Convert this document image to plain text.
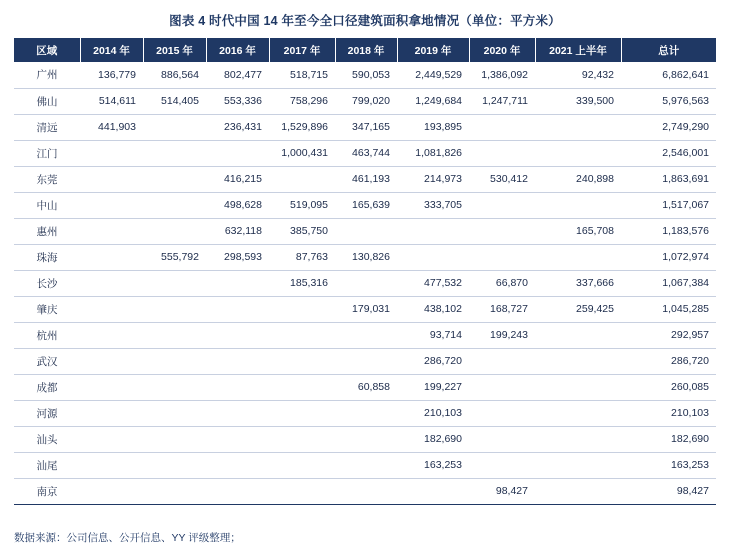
图表 4 时代中国 14 年至今全口径建筑面积拿地情况（单位：平方米）
区域	2014 年	2015 年	2016 年	2017 年	2018 年	2019 年	2020 年	2021 上半年	总计
广州	136,779	886,564	802,477	518,715	590,053	2,449,529	1,386,092	92,432	6,862,641
佛山	514,611	514,405	553,336	758,296	799,020	1,249,684	1,247,711	339,500	5,976,563
清远	441,903		236,431	1,529,896	347,165	193,895			2,749,290
江门				1,000,431	463,744	1,081,826			2,546,001
东莞			416,215		461,193	214,973	530,412	240,898	1,863,691
中山			498,628	519,095	165,639	333,705			1,517,067
惠州			632,118	385,750				165,708	1,183,576
珠海		555,792	298,593	87,763	130,826				1,072,974
长沙				185,316		477,532	66,870	337,666	1,067,384
肇庆					179,031	438,102	168,727	259,425	1,045,285
杭州						93,714	199,243		292,957
武汉						286,720			286,720
成都					60,858	199,227			260,085
河源						210,103			210,103
汕头						182,690			182,690
汕尾						163,253			163,253
南京							98,427		98,427
数据来源：公司信息、公开信息、YY 评级整理；
